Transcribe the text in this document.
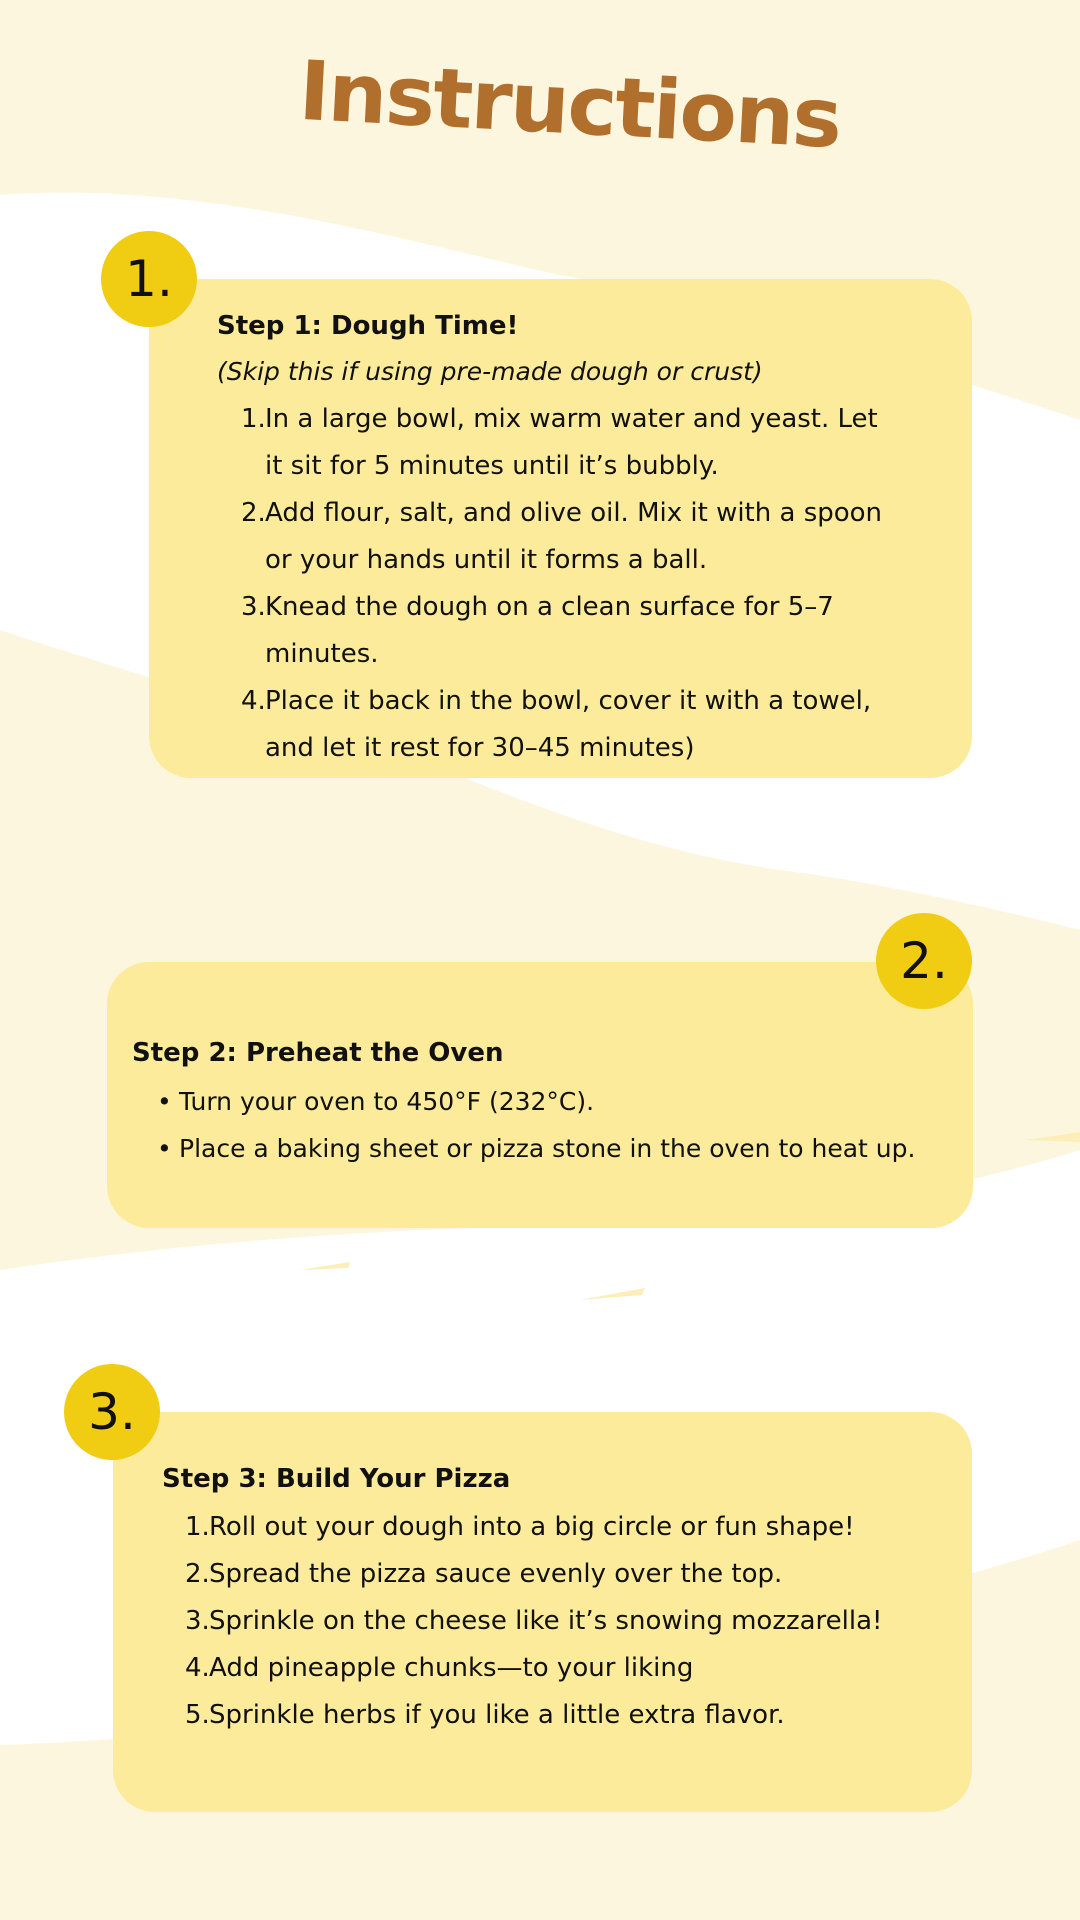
Instructions
1.
Step 1: Dough Time!
(Skip this if using pre-made dough or crust)
1. In a large bowl, mix warm water and yeast. Let
it sit for 5 minutes until it’s bubbly.
2. Add flour, salt, and olive oil. Mix it with a spoon
or your hands until it forms a ball.
3. Knead the dough on a clean surface for 5–7
minutes.
4. Place it back in the bowl, cover it with a towel,
and let it rest for 30–45 minutes)
Step 2: Preheat the Oven
• Turn your oven to 450°F (232°C).
• Place a baking sheet or pizza stone in the oven to heat up.
2.
3.
Step 3: Build Your Pizza
1. Roll out your dough into a big circle or fun shape!
2. Spread the pizza sauce evenly over the top.
3. Sprinkle on the cheese like it’s snowing mozzarella!
4. Add pineapple chunks—to your liking
5. Sprinkle herbs if you like a little extra flavor.
